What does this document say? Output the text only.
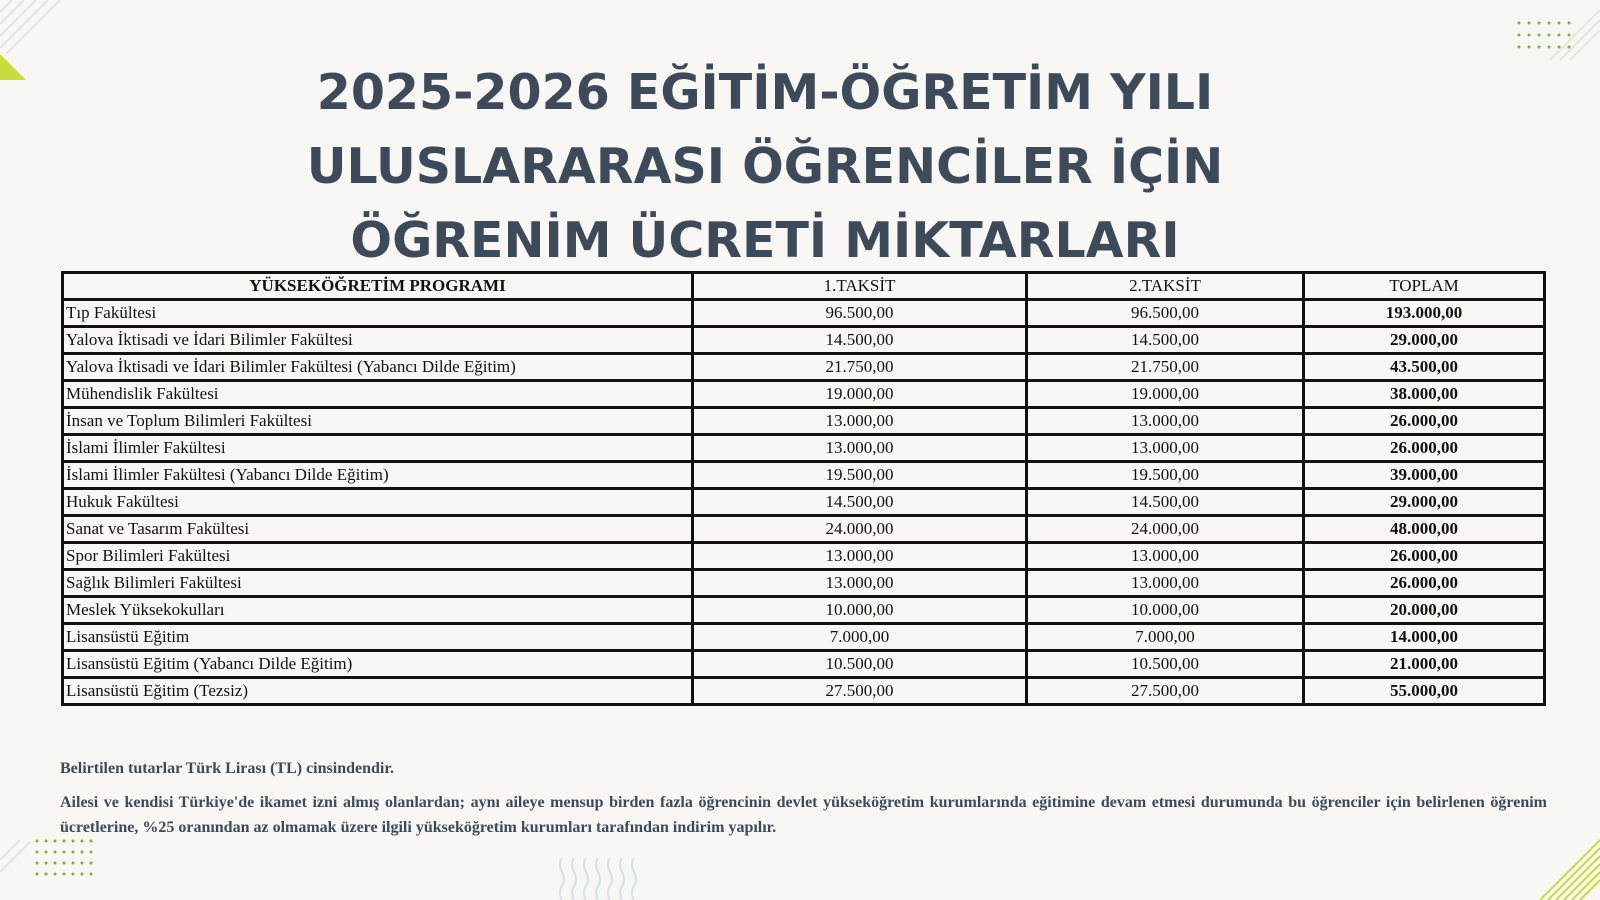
2025-2026 EĞİTİM-ÖĞRETİM YILI
ULUSLARARASI ÖĞRENCİLER İÇİN
ÖĞRENİM ÜCRETİ MİKTARLARI
YÜKSEKÖĞRETİM PROGRAMI	1.TAKSİT	2.TAKSİT	TOPLAM
Tıp Fakültesi	96.500,00	96.500,00	193.000,00
Yalova İktisadi ve İdari Bilimler Fakültesi	14.500,00	14.500,00	29.000,00
Yalova İktisadi ve İdari Bilimler Fakültesi (Yabancı Dilde Eğitim)	21.750,00	21.750,00	43.500,00
Mühendislik Fakültesi	19.000,00	19.000,00	38.000,00
İnsan ve Toplum Bilimleri Fakültesi	13.000,00	13.000,00	26.000,00
İslami İlimler Fakültesi	13.000,00	13.000,00	26.000,00
İslami İlimler Fakültesi (Yabancı Dilde Eğitim)	19.500,00	19.500,00	39.000,00
Hukuk Fakültesi	14.500,00	14.500,00	29.000,00
Sanat ve Tasarım Fakültesi	24.000,00	24.000,00	48.000,00
Spor Bilimleri Fakültesi	13.000,00	13.000,00	26.000,00
Sağlık Bilimleri Fakültesi	13.000,00	13.000,00	26.000,00
Meslek Yüksekokulları	10.000,00	10.000,00	20.000,00
Lisansüstü Eğitim	7.000,00	7.000,00	14.000,00
Lisansüstü Eğitim (Yabancı Dilde Eğitim)	10.500,00	10.500,00	21.000,00
Lisansüstü Eğitim (Tezsiz)	27.500,00	27.500,00	55.000,00

Belirtilen tutarlar Türk Lirası (TL) cinsindendir.

Ailesi ve kendisi Türkiye'de ikamet izni almış olanlardan; aynı aileye mensup birden fazla öğrencinin devlet yükseköğretim kurumlarında eğitimine devam etmesi durumunda bu öğrenciler için belirlenen öğrenim ücretlerine, %25 oranından az olmamak üzere ilgili yükseköğretim kurumları tarafından indirim yapılır.
